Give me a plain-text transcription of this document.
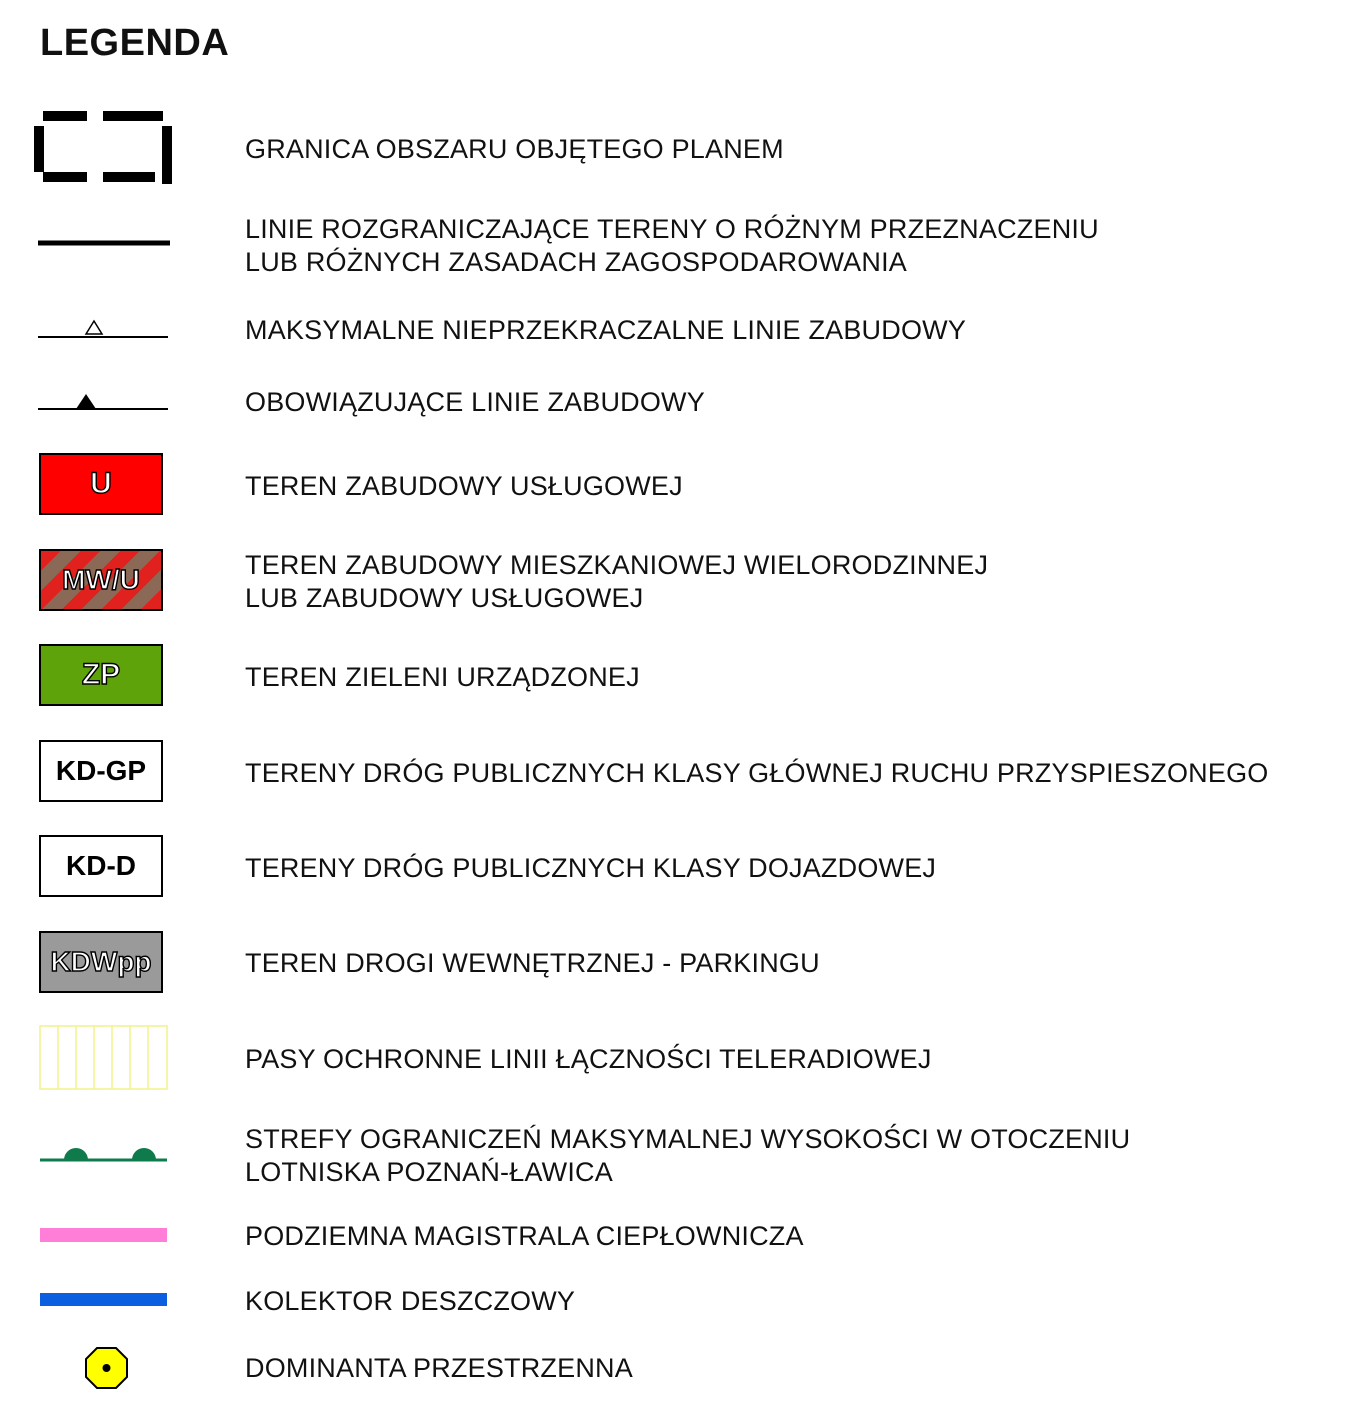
LEGENDA
GRANICA OBSZARU OBJĘTEGO PLANEM
LINIE ROZGRANICZAJĄCE TERENY O RÓŻNYM PRZEZNACZENIU
LUB RÓŻNYCH ZASADACH ZAGOSPODAROWANIA
MAKSYMALNE NIEPRZEKRACZALNE LINIE ZABUDOWY
OBOWIĄZUJĄCE LINIE ZABUDOWY
U	TEREN ZABUDOWY USŁUGOWEJ
MW/U	TEREN ZABUDOWY MIESZKANIOWEJ WIELORODZINNEJ
LUB ZABUDOWY USŁUGOWEJ
ZP	TEREN ZIELENI URZĄDZONEJ
KD-GP	TERENY DRÓG PUBLICZNYCH KLASY GŁÓWNEJ RUCHU PRZYSPIESZONEGO
KD-D	TERENY DRÓG PUBLICZNYCH KLASY DOJAZDOWEJ
KDWpp	TEREN DROGI WEWNĘTRZNEJ - PARKINGU
PASY OCHRONNE LINII ŁĄCZNOŚCI TELERADIOWEJ
STREFY OGRANICZEŃ MAKSYMALNEJ WYSOKOŚCI W OTOCZENIU
LOTNISKA POZNAŃ-ŁAWICA
PODZIEMNA MAGISTRALA CIEPŁOWNICZA
KOLEKTOR DESZCZOWY
DOMINANTA PRZESTRZENNA
